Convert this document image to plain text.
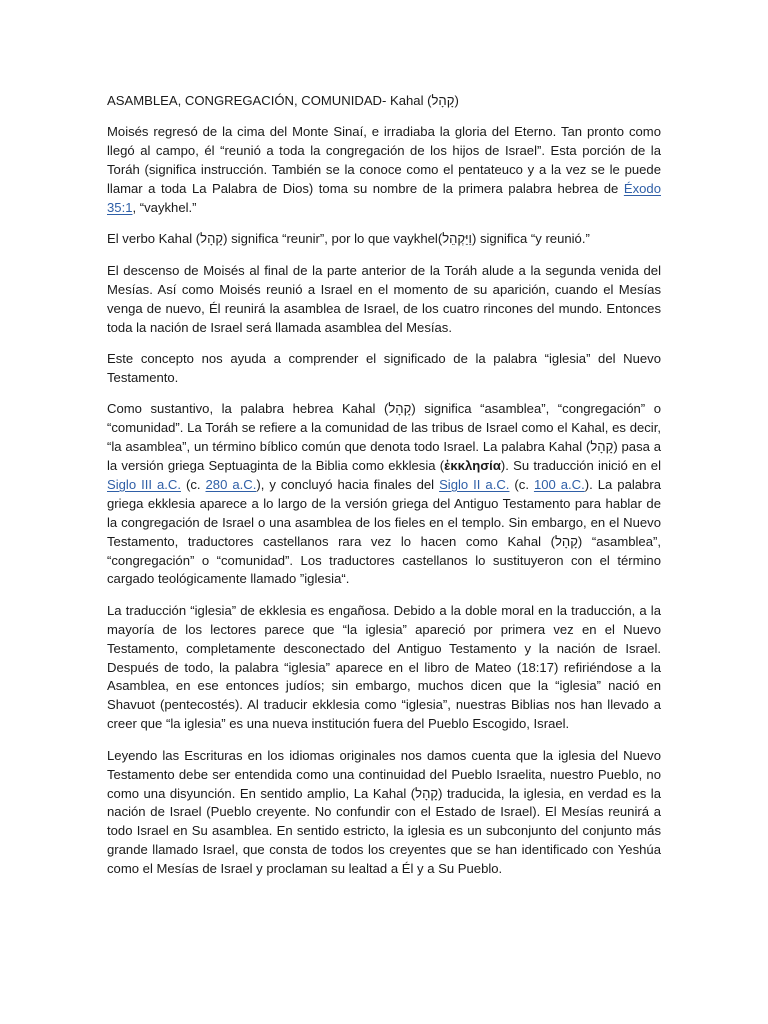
ASAMBLEA, CONGREGACIÓN, COMUNIDAD- Kahal (קָהָל)

Moisés regresó de la cima del Monte Sinaí, e irradiaba la gloria del Eterno. Tan pronto como llegó al campo, él “reunió a toda la congregación de los hijos de Israel”. Esta porción de la Toráh (significa instrucción. También se la conoce como el pentateuco y a la vez se le puede llamar a toda La Palabra de Dios) toma su nombre de la primera palabra hebrea de Éxodo 35:1, “vaykhel.”

El verbo Kahal (קָהָל) significa “reunir”, por lo que vaykhel(וַיַּקְהֵל) significa “y reunió.”

El descenso de Moisés al final de la parte anterior de la Toráh alude a la segunda venida del Mesías. Así como Moisés reunió a Israel en el momento de su aparición, cuando el Mesías venga de nuevo, Él reunirá la asamblea de Israel, de los cuatro rincones del mundo. Entonces toda la nación de Israel será llamada asamblea del Mesías.

Este concepto nos ayuda a comprender el significado de la palabra “iglesia” del Nuevo Testamento.

Como sustantivo, la palabra hebrea Kahal (קָהָל) significa “asamblea”, “congregación” o “comunidad”. La Toráh se refiere a la comunidad de las tribus de Israel como el Kahal, es decir, “la asamblea”, un término bíblico común que denota todo Israel. La palabra Kahal (קָהָל) pasa a la versión griega Septuaginta de la Biblia como ekklesia (ἐκκλησία). Su traducción inició en el Siglo III a.C. (c. 280 a.C.), y concluyó hacia finales del Siglo II a.C. (c. 100 a.C.). La palabra griega ekklesia aparece a lo largo de la versión griega del Antiguo Testamento para hablar de la congregación de Israel o una asamblea de los fieles en el templo. Sin embargo, en el Nuevo Testamento, traductores castellanos rara vez lo hacen como Kahal (קָהָל) “asamblea”, “congregación” o “comunidad”. Los traductores castellanos lo sustituyeron con el término cargado teológicamente llamado ”iglesia“.

La traducción “iglesia” de ekklesia es engañosa. Debido a la doble moral en la traducción, a la mayoría de los lectores parece que “la iglesia” apareció por primera vez en el Nuevo Testamento, completamente desconectado del Antiguo Testamento y la nación de Israel. Después de todo, la palabra “iglesia” aparece en el libro de Mateo (18:17) refiriéndose a la Asamblea, en ese entonces judíos; sin embargo, muchos dicen que la “iglesia” nació en Shavuot (pentecostés). Al traducir ekklesia como “iglesia”, nuestras Biblias nos han llevado a creer que “la iglesia” es una nueva institución fuera del Pueblo Escogido, Israel.

Leyendo las Escrituras en los idiomas originales nos damos cuenta que la iglesia del Nuevo Testamento debe ser entendida como una continuidad del Pueblo Israelita, nuestro Pueblo, no como una disyunción. En sentido amplio, La Kahal (קָהָל) traducida, la iglesia, en verdad es la nación de Israel (Pueblo creyente. No confundir con el Estado de Israel). El Mesías reunirá a todo Israel en Su asamblea. En sentido estricto, la iglesia es un subconjunto del conjunto más grande llamado Israel, que consta de todos los creyentes que se han identificado con Yeshúa como el Mesías de Israel y proclaman su lealtad a Él y a Su Pueblo.
